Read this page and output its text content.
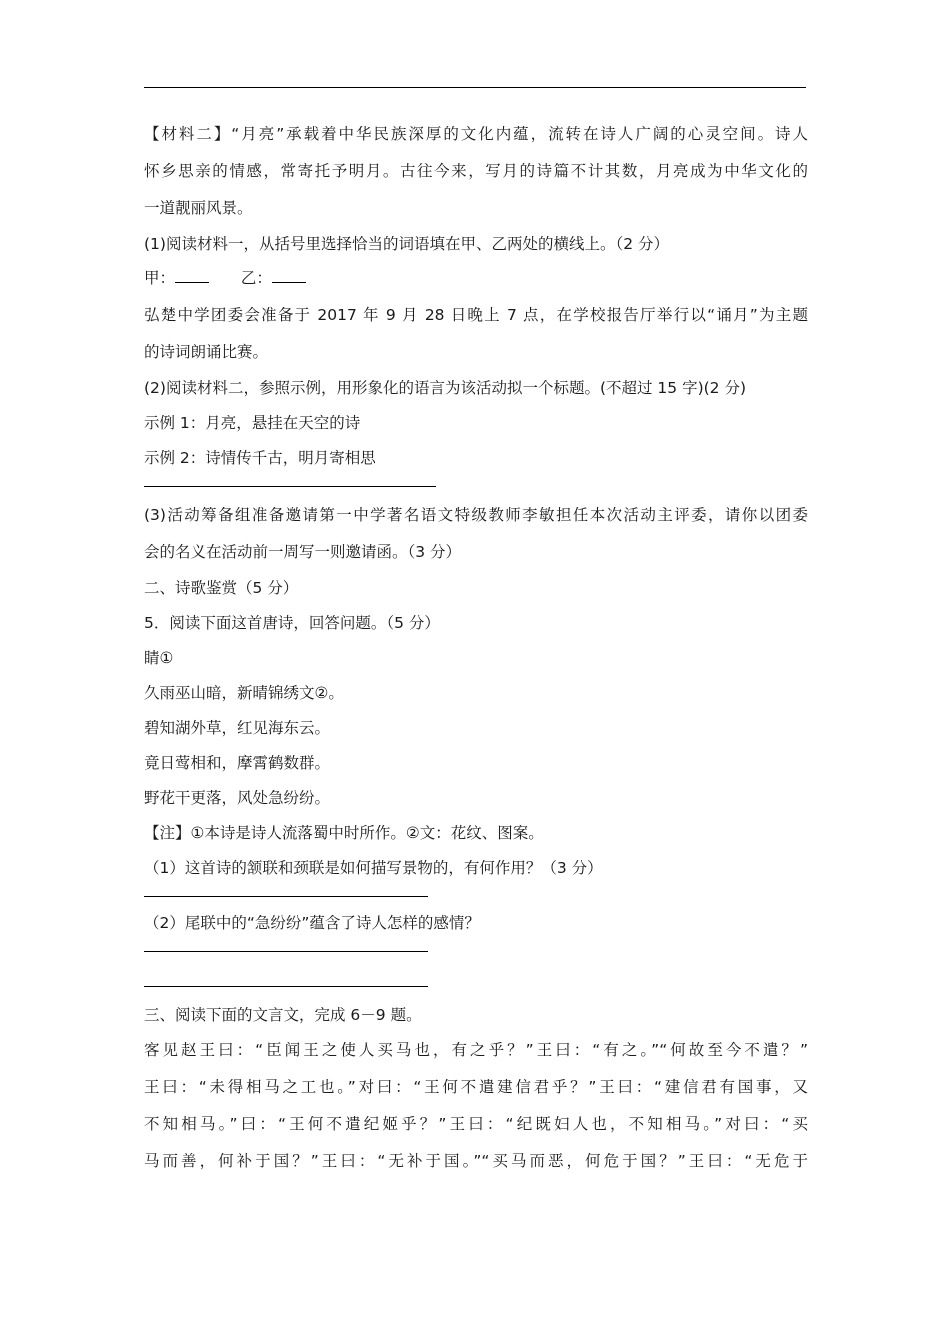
【材料二】“月亮”承载着中华民族深厚的文化内蕴，流转在诗人广阔的心灵空间。诗人
怀乡思亲的情感，常寄托予明月。古往今来，写月的诗篇不计其数，月亮成为中华文化的
一道靓丽风景。
(1)阅读材料一，从括号里选择恰当的词语填在甲、乙两处的横线上。（2 分）
甲：	乙：
弘楚中学团委会准备于 2017 年 9 月 28 日晚上 7 点，在学校报告厅举行以“诵月”为主题
的诗词朗诵比赛。
(2)阅读材料二，参照示例，用形象化的语言为该活动拟一个标题。(不超过 15 字)(2 分)
示例 1：月亮，悬挂在天空的诗
示例 2：诗情传千古，明月寄相思
(3)活动筹备组准备邀请第一中学著名语文特级教师李敏担任本次活动主评委，请你以团委
会的名义在活动前一周写一则邀请函。（3 分）
二、诗歌鉴赏（5 分）
5．阅读下面这首唐诗，回答问题。（5 分）
睛①
久雨巫山暗，新晴锦绣文②。
碧知湖外草，红见海东云。
竟日莺相和，摩霄鹤数群。
野花干更落，风处急纷纷。
【注】①本诗是诗人流落蜀中时所作。②文：花纹、图案。
（1）这首诗的颔联和颈联是如何描写景物的，有何作用？（3 分）
（2）尾联中的“急纷纷”蕴含了诗人怎样的感情？
三、阅读下面的文言文，完成 6－9 题。
客见赵王曰：“臣闻王之使人买马也，有之乎？”王曰：“有之。”“何故至今不遣？”
王曰：“未得相马之工也。”对曰：“王何不遣建信君乎？”王曰：“建信君有国事，又
不知相马。”曰：“王何不遣纪姬乎？”王曰：“纪既妇人也，不知相马。”对曰：“买
马而善，何补于国？”王曰：“无补于国。”“买马而恶，何危于国？”王曰：“无危于
